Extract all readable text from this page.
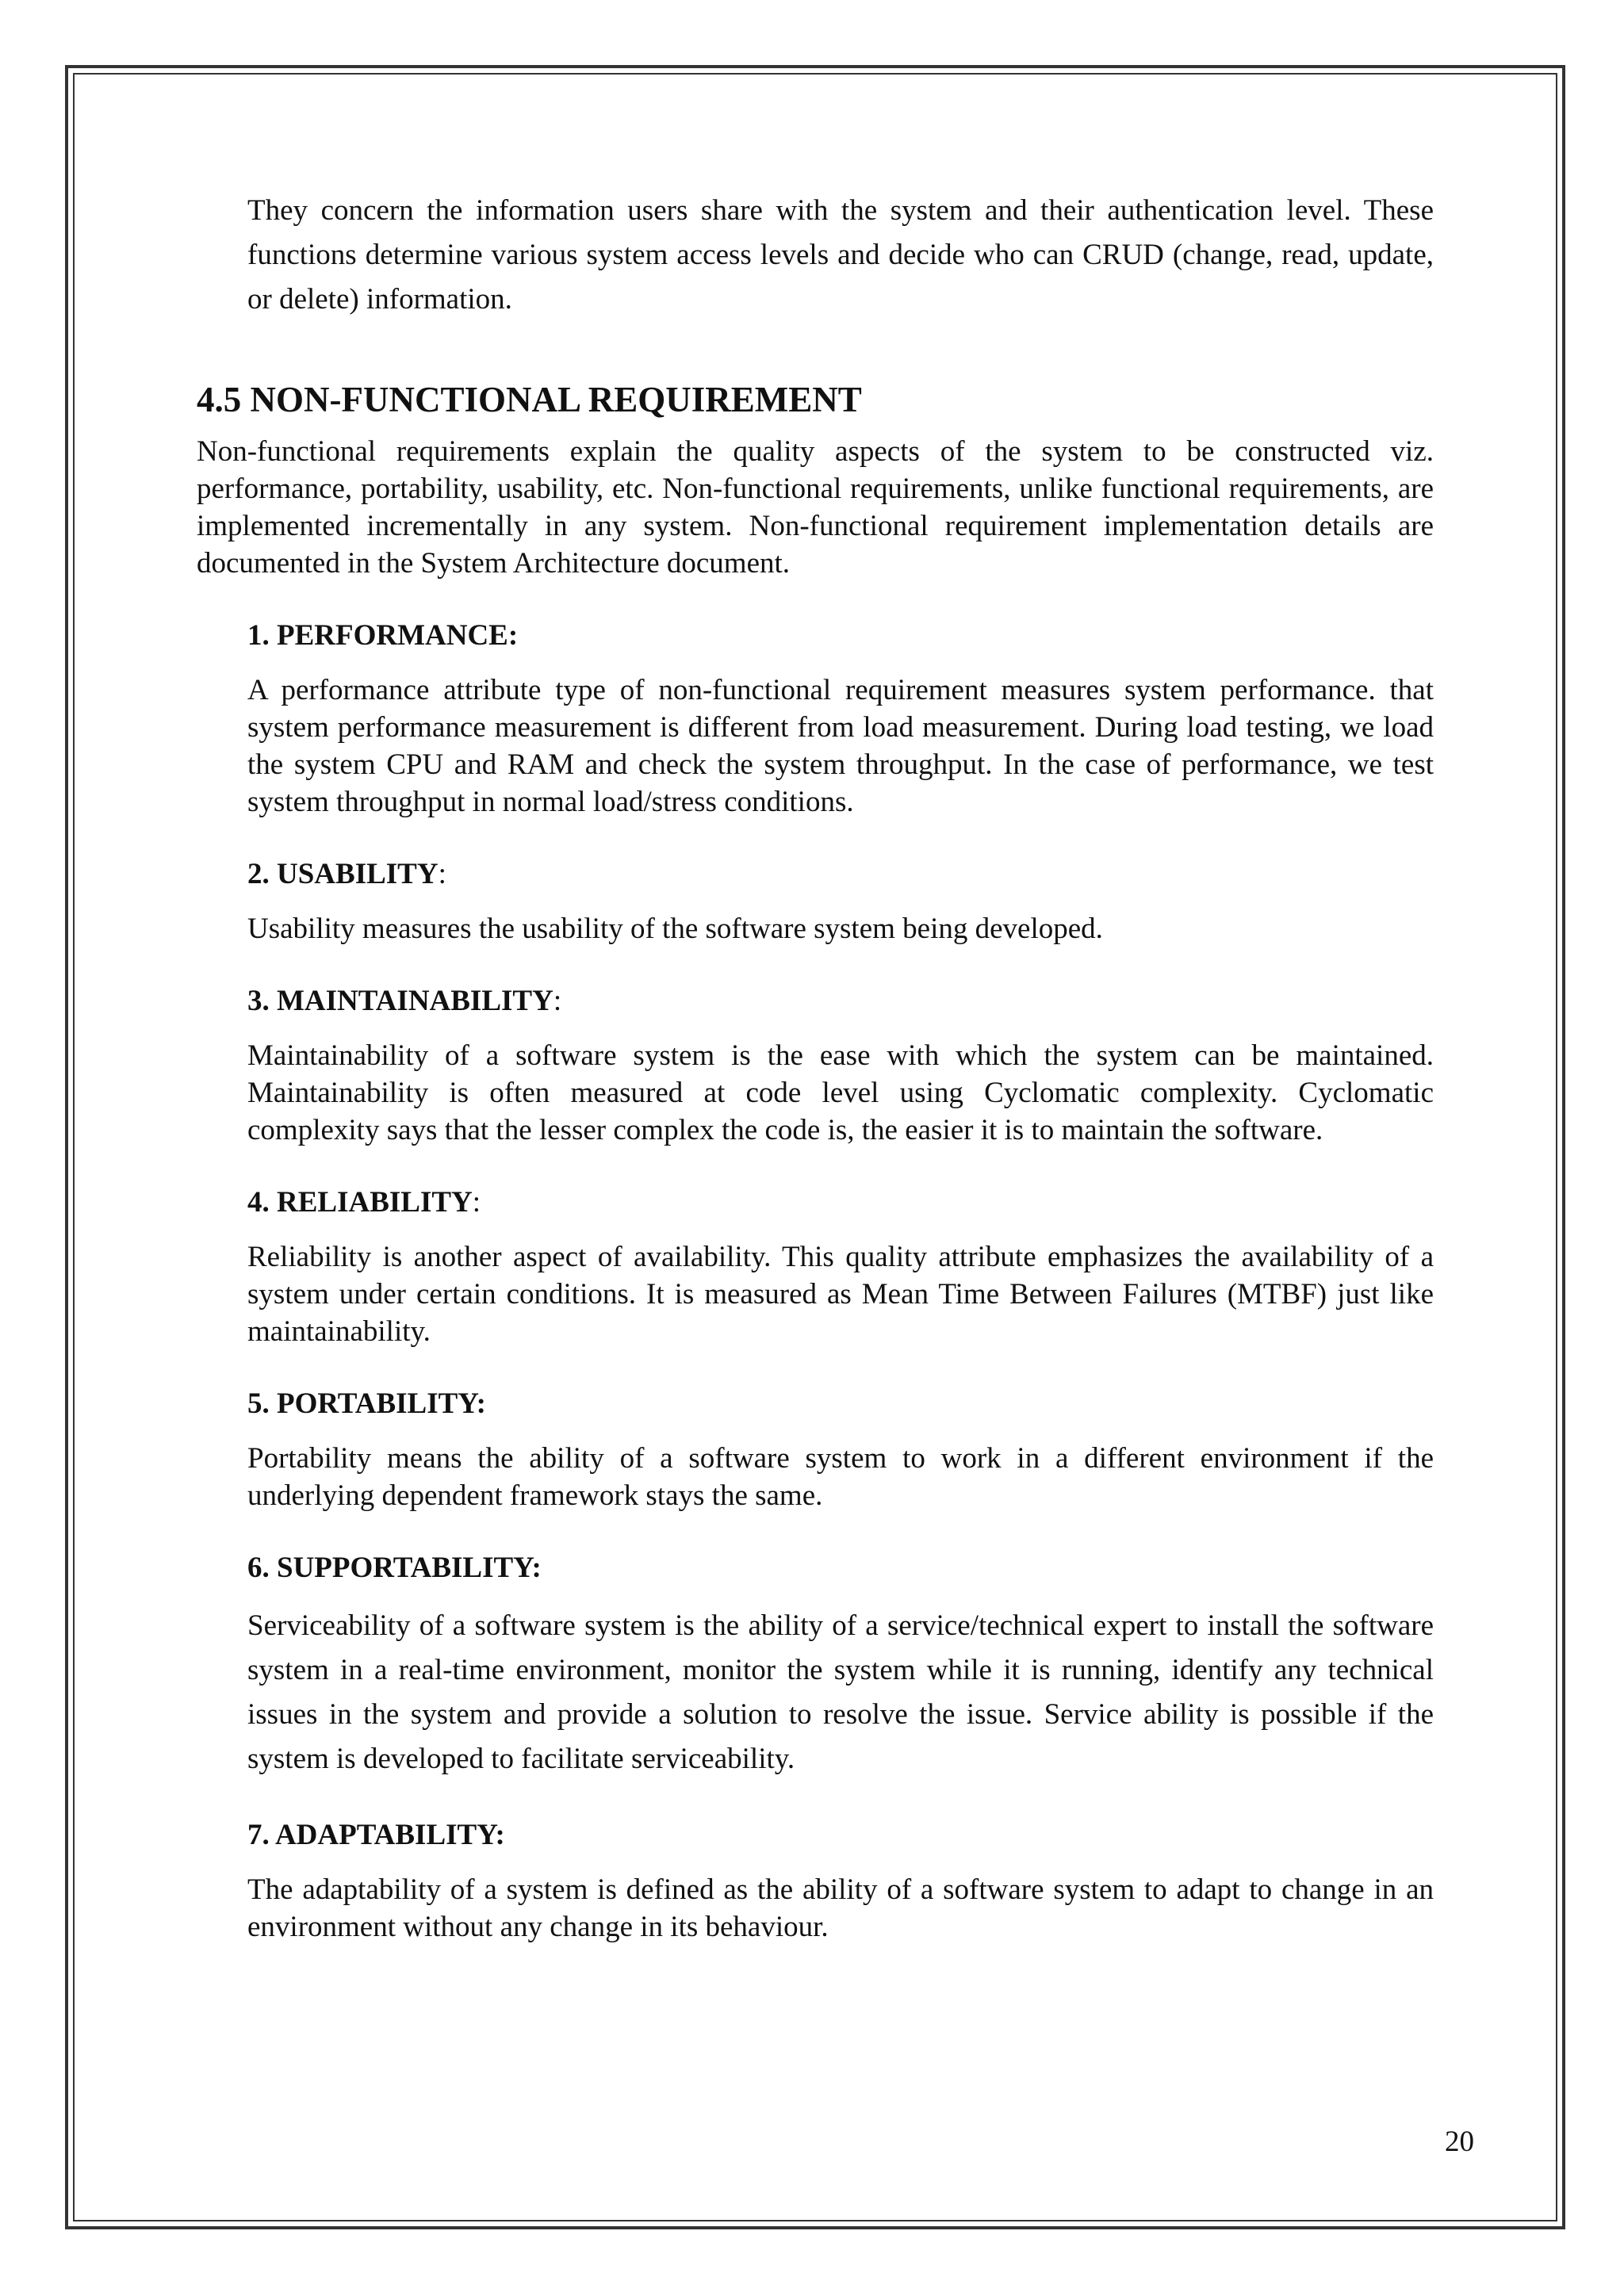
They concern the information users share with the system and their authentication level. These functions determine various system access levels and decide who can CRUD (change, read, update, or delete) information.

4.5 NON-FUNCTIONAL REQUIREMENT

Non-functional requirements explain the quality aspects of the system to be constructed viz. performance, portability, usability, etc. Non-functional requirements, unlike functional requirements, are implemented incrementally in any system. Non-functional requirement implementation details are documented in the System Architecture document.

1. PERFORMANCE:

A performance attribute type of non-functional requirement measures system performance. that system performance measurement is different from load measurement. During load testing, we load the system CPU and RAM and check the system throughput. In the case of performance, we test system throughput in normal load/stress conditions.

2. USABILITY:

Usability measures the usability of the software system being developed.

3. MAINTAINABILITY:

Maintainability of a software system is the ease with which the system can be maintained. Maintainability is often measured at code level using Cyclomatic complexity. Cyclomatic complexity says that the lesser complex the code is, the easier it is to maintain the software.

4. RELIABILITY:

Reliability is another aspect of availability. This quality attribute emphasizes the availability of a system under certain conditions. It is measured as Mean Time Between Failures (MTBF) just like maintainability.

5. PORTABILITY:

Portability means the ability of a software system to work in a different environment if the underlying dependent framework stays the same.

6. SUPPORTABILITY:

Serviceability of a software system is the ability of a service/technical expert to install the software system in a real-time environment, monitor the system while it is running, identify any technical issues in the system and provide a solution to resolve the issue. Service ability is possible if the system is developed to facilitate serviceability.

7. ADAPTABILITY:

The adaptability of a system is defined as the ability of a software system to adapt to change in an environment without any change in its behaviour.

20
